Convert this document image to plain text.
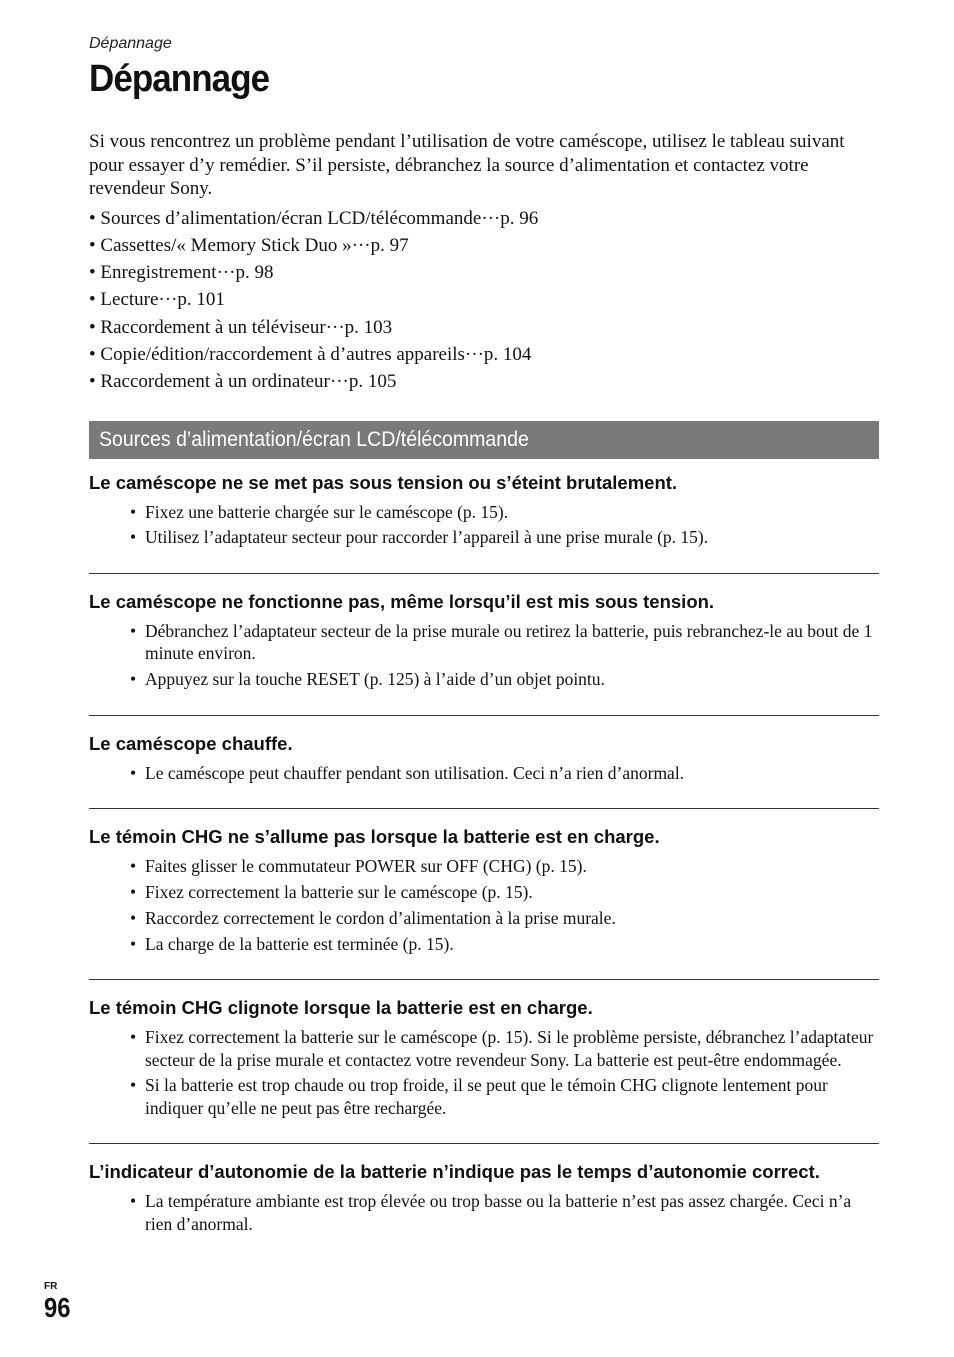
Dépannage
Dépannage

Si vous rencontrez un problème pendant l’utilisation de votre caméscope, utilisez le tableau suivant pour essayer d’y remédier. S’il persiste, débranchez la source d’alimentation et contactez votre revendeur Sony.

• Sources d’alimentation/écran LCD/télécommande···p. 96
• Cassettes/« Memory Stick Duo »···p. 97
• Enregistrement···p. 98
• Lecture···p. 101
• Raccordement à un téléviseur···p. 103
• Copie/édition/raccordement à d’autres appareils···p. 104
• Raccordement à un ordinateur···p. 105
Sources d’alimentation/écran LCD/télécommande
Le caméscope ne se met pas sous tension ou s’éteint brutalement.
• Fixez une batterie chargée sur le caméscope (p. 15).
• Utilisez l’adaptateur secteur pour raccorder l’appareil à une prise murale (p. 15).
Le caméscope ne fonctionne pas, même lorsqu’il est mis sous tension.
• Débranchez l’adaptateur secteur de la prise murale ou retirez la batterie, puis rebranchez-le au bout de 1 minute environ.
• Appuyez sur la touche RESET (p. 125) à l’aide d’un objet pointu.
Le caméscope chauffe.
• Le caméscope peut chauffer pendant son utilisation. Ceci n’a rien d’anormal.
Le témoin CHG ne s’allume pas lorsque la batterie est en charge.
• Faites glisser le commutateur POWER sur OFF (CHG) (p. 15).
• Fixez correctement la batterie sur le caméscope (p. 15).
• Raccordez correctement le cordon d’alimentation à la prise murale.
• La charge de la batterie est terminée (p. 15).
Le témoin CHG clignote lorsque la batterie est en charge.
• Fixez correctement la batterie sur le caméscope (p. 15). Si le problème persiste, débranchez l’adaptateur secteur de la prise murale et contactez votre revendeur Sony. La batterie est peut-être endommagée.
• Si la batterie est trop chaude ou trop froide, il se peut que le témoin CHG clignote lentement pour indiquer qu’elle ne peut pas être rechargée.
L’indicateur d’autonomie de la batterie n’indique pas le temps d’autonomie correct.
• La température ambiante est trop élevée ou trop basse ou la batterie n’est pas assez chargée. Ceci n’a rien d’anormal.
FR
96
